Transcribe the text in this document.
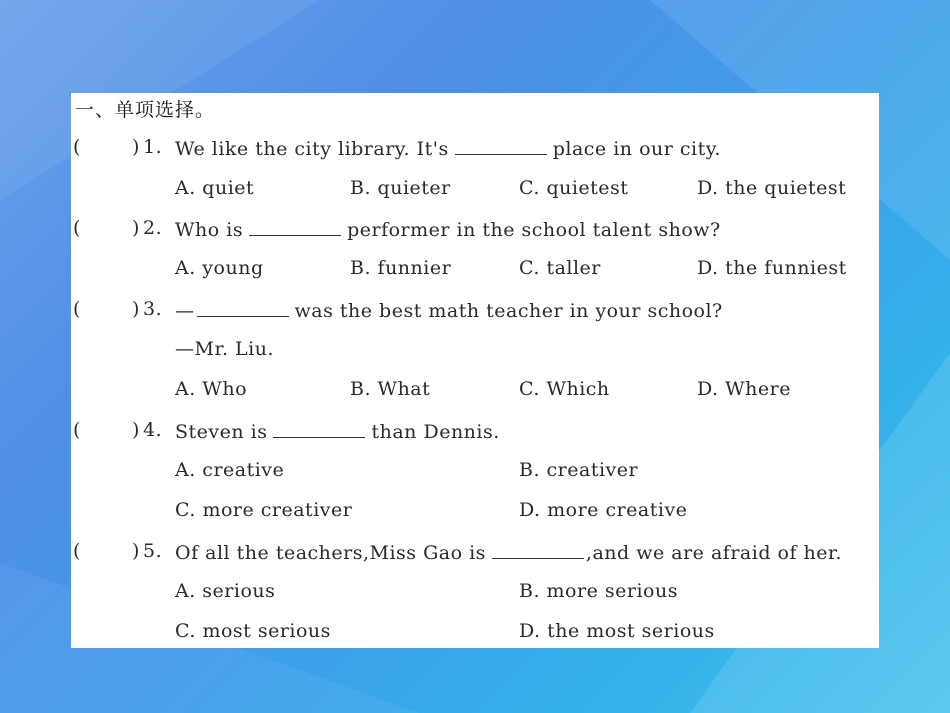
一、单项选择。
(	) 1. We like the city library. It's	place in our city.
A. quiet	B. quieter	C. quietest	D. the quietest
(	) 2. Who is	performer in the school talent show?
A. young	B. funnier	C. taller	D. the funniest
(	) 3. —	was the best math teacher in your school?
—Mr. Liu.
A. Who	B. What	C. Which	D. Where
(	) 4. Steven is	than Dennis.
A. creative	B. creativer
C. more creativer	D. more creative
(	) 5. Of all the teachers,Miss Gao is	,and we are afraid of her.
A. serious	B. more serious
C. most serious	D. the most serious
